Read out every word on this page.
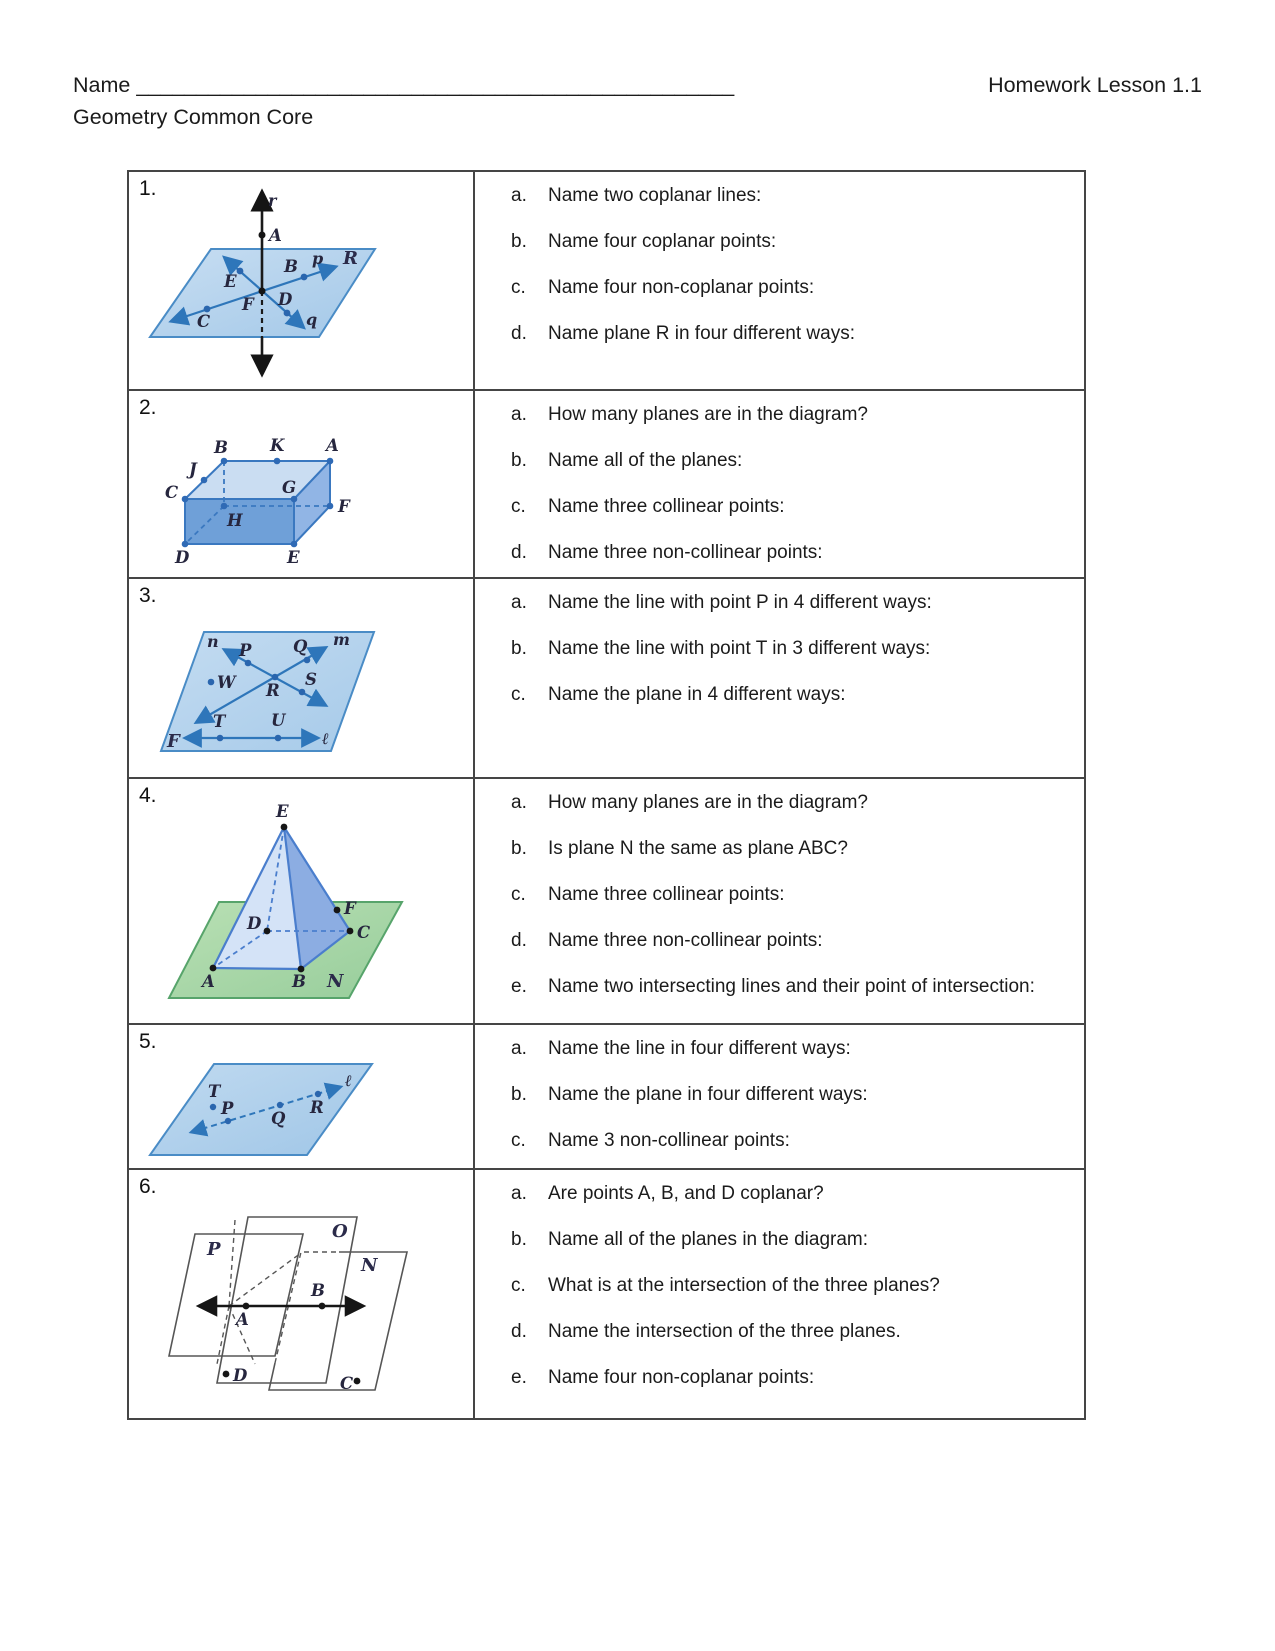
Name __________________________________________________
Geometry Common Core
Homework Lesson 1.1
1.
r
A
B p R
E
C
F D
q
a.	Name two coplanar lines:
b.	Name four coplanar points:
c.	Name four non-coplanar points:
d.	Name plane R in four different ways:
2.
B	K	A
C
J
G
F
H
D	E
a.	How many planes are in the diagram?
b.	Name all of the planes:
c.	Name three collinear points:
d.	Name three non-collinear points:
3.
n	m
P	Q
W	S
R
T	U
ℓ
F
a.	Name the line with point P in 4 different ways:
b.	Name the line with point T in 3 different ways:
c.	Name the plane in 4 different ways:
4.
E
F
D	C
A	B N
a.	How many planes are in the diagram?
b.	Is plane N the same as plane ABC?
c.	Name three collinear points:
d.	Name three non-collinear points:
e.	Name two intersecting lines and their point of intersection:
5.
T
P
Q
R
ℓ
a.	Name the line in four different ways:
b.	Name the plane in four different ways:
c.	Name 3 non-collinear points:
6.
P
O
N
A
B
D	C
a.	Are points A, B, and D coplanar?
b.	Name all of the planes in the diagram:
c.	What is at the intersection of the three planes?
d.	Name the intersection of the three planes.
e.	Name four non-coplanar points:
